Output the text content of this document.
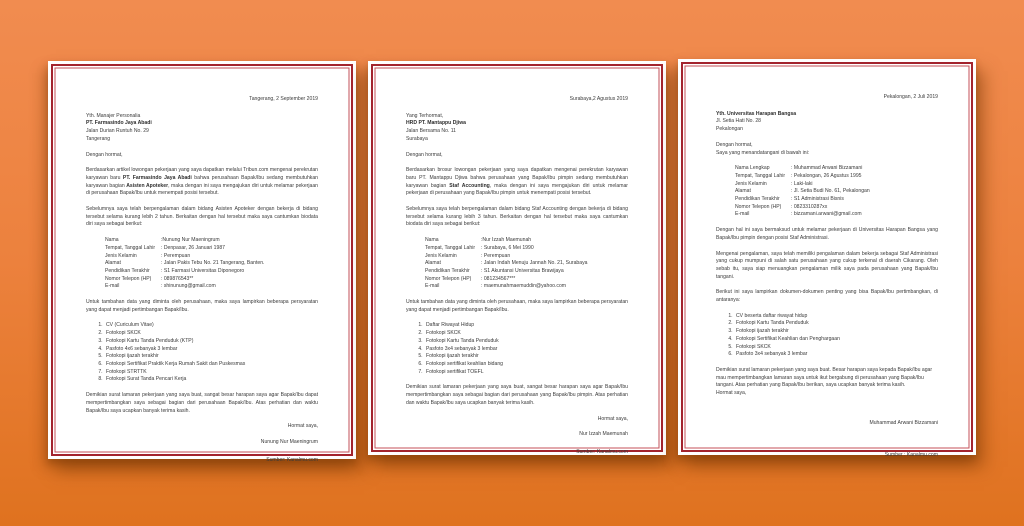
Tangerang, 2 September 2019
Yth. Manajer Personalia
PT. Farmasindo Jaya Abadi
Jalan Durian Runtuh No. 29
Tangerang
Dengan hormat,
Berdasarkan artikel lowongan pekerjaan yang saya dapatkan melalui Tribun.com mengenai perekrutan karyawan baru PT. Farmasindo Jaya Abadi bahwa perusahaan Bapak/Ibu sedang membutuhkan karyawan bagian Asisten Apoteker, maka dengan ini saya mengajukan diri untuk melamar pekerjaan di perusahaan Bapak/Ibu untuk menempati posisi tersebut.
Sebelumnya saya telah berpengalaman dalam bidang Asisten Apoteker dengan bekerja di bidang tersebut selama kurang lebih 2 tahun. Berkaitan dengan hal tersebut maka saya cantumkan biodata diri saya sebagai berikut:
Nama	:Nunung Nur Maeningrum
Tempat, Tanggal Lahir	: Denpasar, 26 Januari 1987
Jenis Kelamin	: Perempuan
Alamat	: Jalan Pakis Tebu No. 21 Tangerang, Banten.
Pendidikan Terakhir	: S1 Farmasi Universitas Diponegoro
Nomor Telepon (HP)	: 089876543**
E-mail	: shinunung@gmail.com
Untuk tambahan data yang diminta oleh perusahaan, maka saya lampirkan beberapa persyaratan yang dapat menjadi pertimbangan Bapak/Ibu.
1. CV (Curiculum Vitae)
2. Fotokopi SKCK
3. Fotokopi Kartu Tanda Penduduk (KTP)
4. Pasfoto 4x6 sebanyak 3 lembar
5. Fotokopi ijazah terakhir
6. Fotokopi Sertifikat Praktik Kerja Rumah Sakit dan Puskesmas
7. Fotokopi STRTTK
8. Fotokopi Surat Tanda Pencari Kerja
Demikian surat lamaran pekerjaan yang saya buat, sangat besar harapan saya agar Bapak/Ibu dapat mempertimbangkan saya sebagai bagian dari perusahaan Bapak/Ibu. Atas perhatian dan waktu Bapak/Ibu saya ucapkan banyak terima kasih.
Hormat saya,
Nunung Nur Maeningrum
Sumber: Kanalmu.com
Surabaya,2 Agustus 2019
Yang Terhormat,
HRD PT. Mantappu Djiwa
Jalan Bersama No. 11
Surabaya
Dengan hormat,
Berdasarkan brosur lowongan pekerjaan yang saya dapatkan mengenai perekrutan karyawan baru PT. Mantappu Djiwa bahwa perusahaan yang Bapak/Ibu pimpin sedang membutuhkan karyawan bagian Staf Accounting, maka dengan ini saya mengajukan diri untuk melamar pekerjaan di perusahaan yang Bapak/Ibu pimpin untuk menempati posisi tersebut.
Sebelumnya saya telah berpengalaman dalam bidang Staf Accounting dengan bekerja di bidang tersebut selama kurang lebih 3 tahun. Berkaitan dengan hal tersebut maka saya cantumkan biodata diri saya sebagai berikut:
Nama	:Nur Izzah Maemunah
Tempat, Tanggal Lahir	: Surabaya, 6 Mei 1990
Jenis Kelamin	: Perempuan
Alamat	: Jalan Indah Menuju Jannah No. 21, Surabaya
Pendidikan Terakhir	: S1 Akuntansi Universitas Brawijaya
Nomor Telepon (HP)	: 081234567***
E-mail	: maemunahmaemuddin@yahoo.com
Untuk tambahan data yang diminta oleh perusahaan, maka saya lampirkan beberapa persyaratan yang dapat menjadi pertimbangan Bapak/Ibu.
1. Daftar Riwayat Hidup
2. Fotokopi SKCK
3. Fotokopi Kartu Tanda Penduduk
4. Pasfoto 3x4 sebanyak 3 lembar
5. Fotokopi ijazah terakhir
6. Fotokopi sertifikat keahlian bidang
7. Fotokopi sertifikat TOEFL
Demikian surat lamaran pekerjaan yang saya buat, sangat besar harapan saya agar Bapak/Ibu mempertimbangkan saya sebagai bagian dari perusahaan yang Bapak/Ibu pimpin. Atas perhatian dan waktu Bapak/Ibu saya ucapkan banyak terima kasih.
Hormat saya,
Nur Izzah Maemunah
Sumber: Kanalmu.com
Pekalongan, 2 Juli 2019
Yth. Universitas Harapan Bangsa
Jl. Setia Hati No. 28
Pekalongan
Dengan hormat,
Saya yang menandatangani di bawah ini:
Nama Lengkap	: Muhammad Arwani Bizzamani
Tempat, Tanggal Lahir	: Pekalongan, 26 Agustus 1995
Jenis Kelamin	: Laki-laki
Alamat	: Jl. Setia Budi No. 61, Pekalongan
Pendidikan Terakhir	: S1 Administrasi Bisnis
Nomor Telepon (HP)	: 0823310287xx
E-mail	: bizzamani.arwani@gmail.com
Dengan hal ini saya bermaksud untuk melamar pekerjaan di Universitas Harapan Bangsa yang Bapak/Ibu pimpin dengan posisi Staf Administrasi.
Mengenai pengalaman, saya telah memiliki pengalaman dalam bekerja sebagai Staf Administrasi yang cukup mumpuni di salah satu perusahaan yang cukup terkenal di daerah Cikarang. Oleh sebab itu, saya siap menuangkan pengalaman milik saya pada perusahaan yang Bapak/Ibu tangani.
Berikut ini saya lampirkan dokumen-dokumen penting yang bisa Bapak/Ibu pertimbangkan, di antaranya:
1. CV beserta daftar riwayat hidup
2. Fotokopi Kartu Tanda Penduduk
3. Fotokopi ijazah terakhir
4. Fotokopi Sertifikat Keahlian dan Penghargaan
5. Fotokopi SKCK
6. Pasfoto 3x4 sebanyak 3 lembar
Demikian surat lamaran pekerjaan yang saya buat. Besar harapan saya kepada Bapak/Ibu agar mau mempertimbangkan lamaran saya untuk ikut bergabung di perusahaan yang Bapak/Ibu tangani. Atas perhatian yang Bapak/Ibu berikan, saya ucapkan banyak terima kasih.
Hormat saya,
Muhammad Arwani Bizzamani
Sumber : Kanalmu.com
